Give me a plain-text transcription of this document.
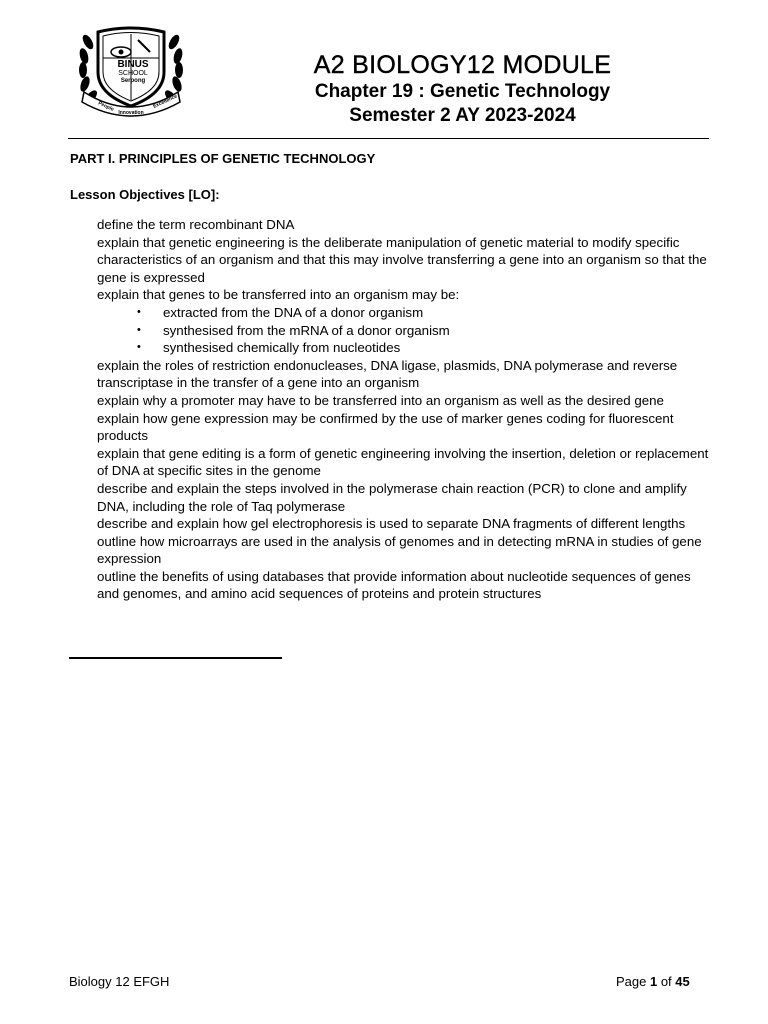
BINUS
SCHOOL
Serpong
People
Innovation
Excellence
A2 BIOLOGY12 MODULE
Chapter 19 : Genetic Technology
Semester 2 AY 2023-2024

PART I. PRINCIPLES OF GENETIC TECHNOLOGY

Lesson Objectives [LO]:

define the term recombinant DNA
explain that genetic engineering is the deliberate manipulation of genetic material to modify specific characteristics of an organism and that this may involve transferring a gene into an organism so that the gene is expressed
explain that genes to be transferred into an organism may be:
• extracted from the DNA of a donor organism
• synthesised from the mRNA of a donor organism
• synthesised chemically from nucleotides
explain the roles of restriction endonucleases, DNA ligase, plasmids, DNA polymerase and reverse transcriptase in the transfer of a gene into an organism
explain why a promoter may have to be transferred into an organism as well as the desired gene
explain how gene expression may be confirmed by the use of marker genes coding for fluorescent products
explain that gene editing is a form of genetic engineering involving the insertion, deletion or replacement of DNA at specific sites in the genome
describe and explain the steps involved in the polymerase chain reaction (PCR) to clone and amplify DNA, including the role of Taq polymerase
describe and explain how gel electrophoresis is used to separate DNA fragments of different lengths
outline how microarrays are used in the analysis of genomes and in detecting mRNA in studies of gene expression
outline the benefits of using databases that provide information about nucleotide sequences of genes and genomes, and amino acid sequences of proteins and protein structures
Biology 12 EFGH	Page 1 of 45
